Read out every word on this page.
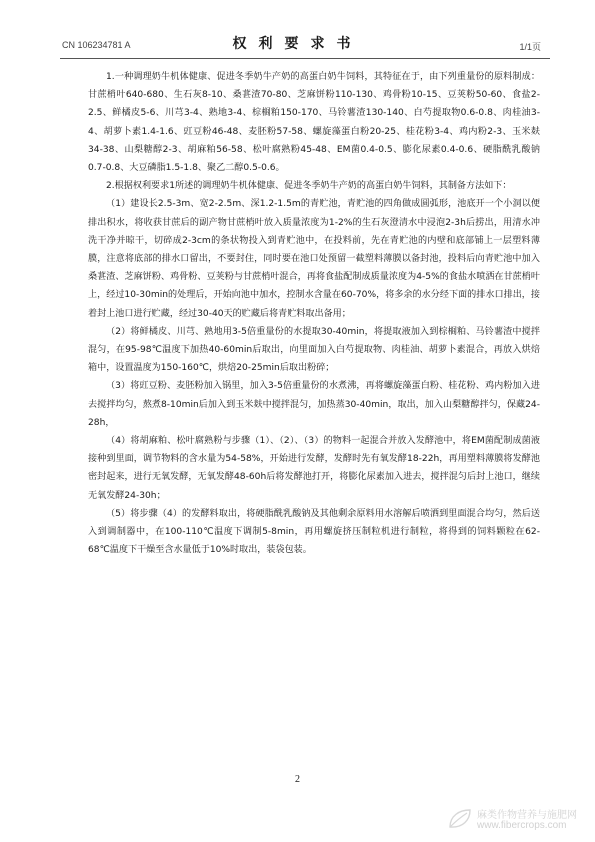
CN 106234781 A	权利要求书	1/1页

1.一种调理奶牛机体健康、促进冬季奶牛产奶的高蛋白奶牛饲料，其特征在于，由下列重量份的原料制成：甘蔗梢叶640-680、生石灰8-10、桑葚渣70-80、芝麻饼粉110-130、鸡骨粉10-15、豆荚粉50-60、食盐2-2.5、鲜橘皮5-6、川芎3-4、熟地3-4、棕榈粕150-170、马铃薯渣130-140、白芍提取物0.6-0.8、肉桂油3-4、胡萝卜素1.4-1.6、豇豆粉46-48、麦胚粉57-58、螺旋藻蛋白粉20-25、桂花粉3-4、鸡内粉2-3、玉米麸34-38、山梨糖醇2-3、胡麻粕56-58、松叶腐熟粉45-48、EM菌0.4-0.5、膨化尿素0.4-0.6、硬脂酰乳酸钠0.7-0.8、大豆磷脂1.5-1.8、聚乙二醇0.5-0.6。

2.根据权利要求1所述的调理奶牛机体健康、促进冬季奶牛产奶的高蛋白奶牛饲料，其制备方法如下：

（1）建设长2.5-3m、宽2-2.5m、深1.2-1.5m的青贮池，青贮池的四角做成圆弧形，池底开一个小洞以便排出积水，将收获甘蔗后的副产物甘蔗梢叶放入质量浓度为1-2%的生石灰澄清水中浸泡2-3h后捞出，用清水冲洗干净并晾干，切碎成2-3cm的条状物投入到青贮池中，在投料前，先在青贮池的内壁和底部铺上一层塑料薄膜，注意将底部的排水口留出，不要封住，同时要在池口处预留一截塑料薄膜以备封池，投料后向青贮池中加入桑葚渣、芝麻饼粉、鸡骨粉、豆荚粉与甘蔗梢叶混合，再将食盐配制成质量浓度为4-5%的食盐水喷洒在甘蔗梢叶上，经过10-30min的处理后，开始向池中加水，控制水含量在60-70%，将多余的水分经下面的排水口排出，接着封上池口进行贮藏，经过30-40天的贮藏后将青贮料取出备用；

（2）将鲜橘皮、川芎、熟地用3-5倍重量份的水提取30-40min，将提取液加入到棕榈粕、马铃薯渣中搅拌混匀，在95-98℃温度下加热40-60min后取出，向里面加入白芍提取物、肉桂油、胡萝卜素混合，再放入烘焙箱中，设置温度为150-160℃，烘焙20-25min后取出粉碎；

（3）将豇豆粉、麦胚粉加入锅里，加入3-5倍重量份的水煮沸，再将螺旋藻蛋白粉、桂花粉、鸡内粉加入进去搅拌均匀，熬煮8-10min后加入到玉米麸中搅拌混匀，加热蒸30-40min，取出，加入山梨糖醇拌匀，保藏24-28h，

（4）将胡麻粕、松叶腐熟粉与步骤（1）、（2）、（3）的物料一起混合并放入发酵池中，将EM菌配制成菌液接种到里面，调节物料的含水量为54-58%，开始进行发酵，发酵时先有氧发酵18-22h，再用塑料薄膜将发酵池密封起来，进行无氧发酵，无氧发酵48-60h后将发酵池打开，将膨化尿素加入进去，搅拌混匀后封上池口，继续无氧发酵24-30h；

（5）将步骤（4）的发酵料取出，将硬脂酰乳酸钠及其他剩余原料用水溶解后喷洒到里面混合均匀，然后送入到调制器中，在100-110℃温度下调制5-8min，再用螺旋挤压制粒机进行制粒，将得到的饲料颗粒在62-68℃温度下干燥至含水量低于10%时取出，装袋包装。

2
麻类作物营养与施肥网
www.fibercrops.com
